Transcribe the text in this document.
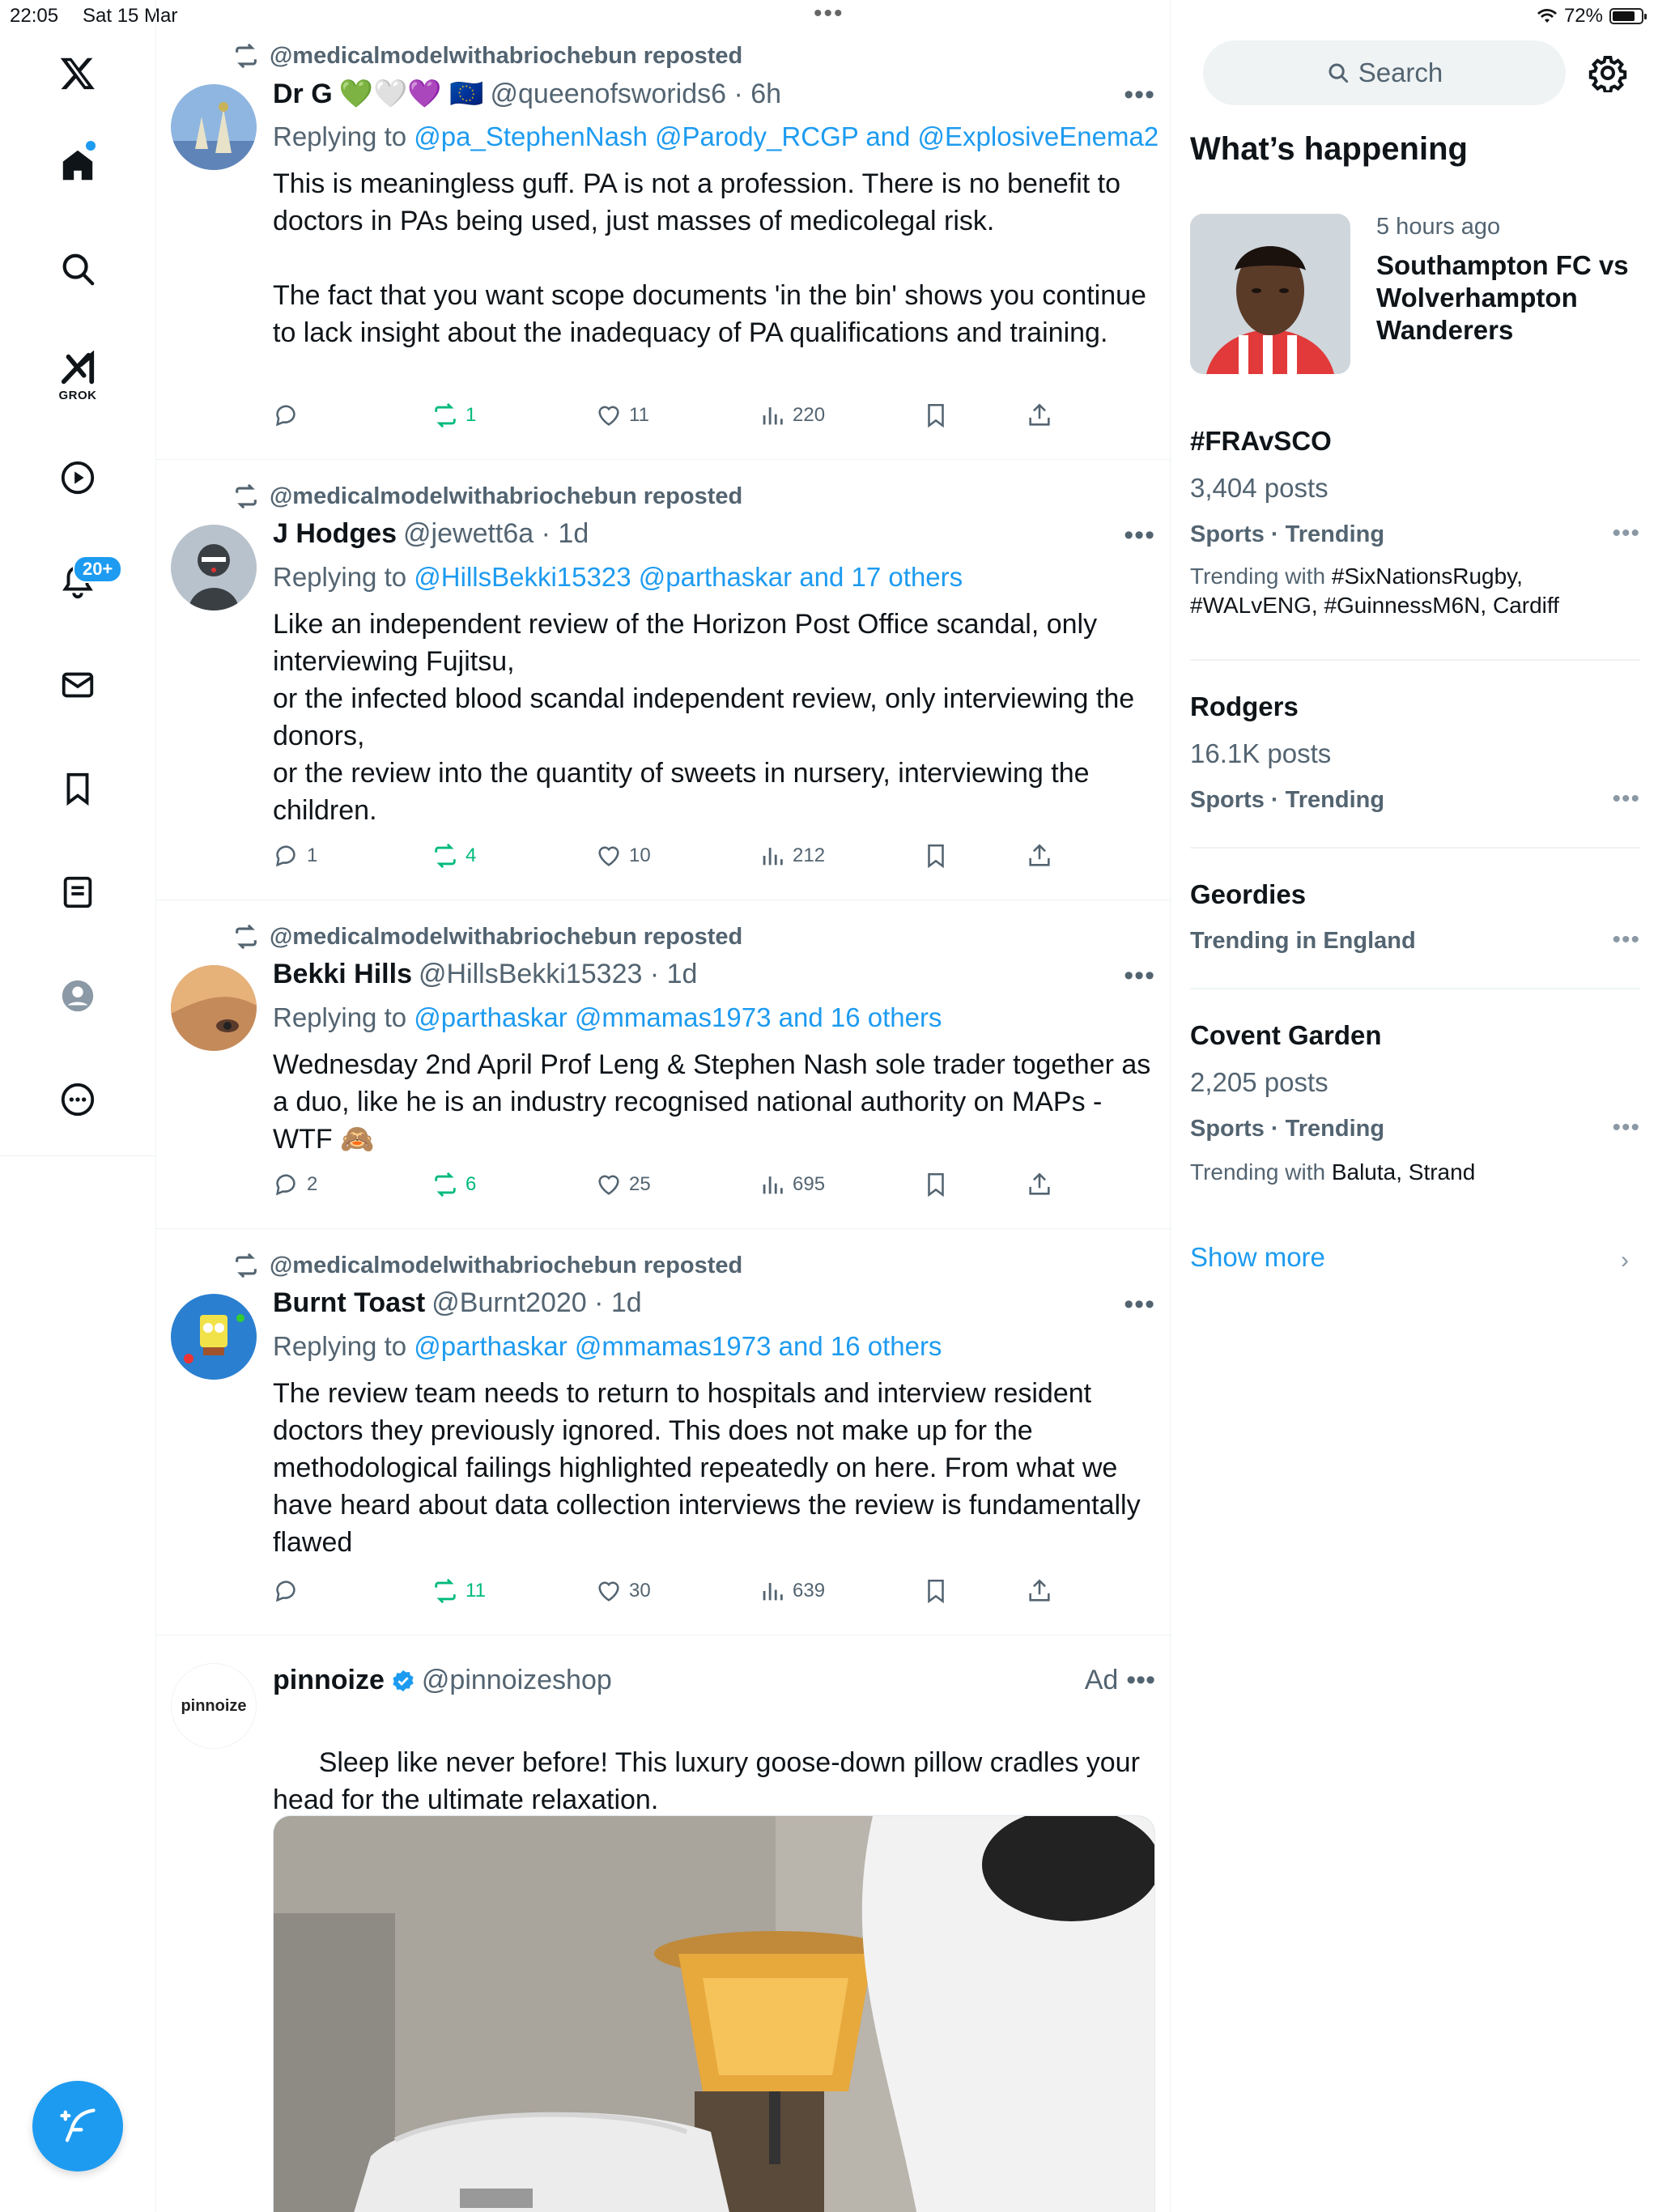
22:05 Sat 15 Mar	•••	72%
GROK
20+
@medicalmodelwithabriochebun reposted
Dr G 💚🤍💜 🇪🇺 @queenofsworids6 · 6h	•••
Replying to @pa_StephenNash @Parody_RCGP and @ExplosiveEnema2
This is meaningless guff. PA is not a profession. There is no benefit to doctors in PAs being used, just masses of medicolegal risk.

The fact that you want scope documents 'in the bin' shows you continue to lack insight about the inadequacy of PA qualifications and training.
1	11	220
@medicalmodelwithabriochebun reposted
J Hodges @jewett6a · 1d	•••
Replying to @HillsBekki15323 @parthaskar and 17 others
Like an independent review of the Horizon Post Office scandal, only interviewing Fujitsu,
or the infected blood scandal independent review, only interviewing the donors,
or the review into the quantity of sweets in nursery, interviewing the children.
1	4	10	212
@medicalmodelwithabriochebun reposted
Bekki Hills @HillsBekki15323 · 1d	•••
Replying to @parthaskar @mmamas1973 and 16 others
Wednesday 2nd April Prof Leng & Stephen Nash sole trader together as a duo, like he is an industry recognised national authority on MAPs - WTF 🙈
2	6	25	695
@medicalmodelwithabriochebun reposted
Burnt Toast @Burnt2020 · 1d	•••
Replying to @parthaskar @mmamas1973 and 16 others
The review team needs to return to hospitals and interview resident doctors they previously ignored. This does not make up for the methodological failings highlighted repeatedly on here. From what we have heard about data collection interviews the review is fundamentally flawed
11	30	639
pinnoize
pinnoize @pinnoizeshop	Ad •••

Sleep like never before! This luxury goose-down pillow cradles your head for the ultimate relaxation.

Search
What’s happening
5 hours ago
Southampton FC vs Wolverhampton Wanderers
#FRAvSCO
3,404 posts
Sports · Trending	•••
Trending with #SixNationsRugby, #WALvENG, #GuinnessM6N, Cardiff
Rodgers
16.1K posts
Sports · Trending	•••
Geordies
Trending in England	•••
Covent Garden
2,205 posts
Sports · Trending	•••
Trending with Baluta, Strand
Show more	›
